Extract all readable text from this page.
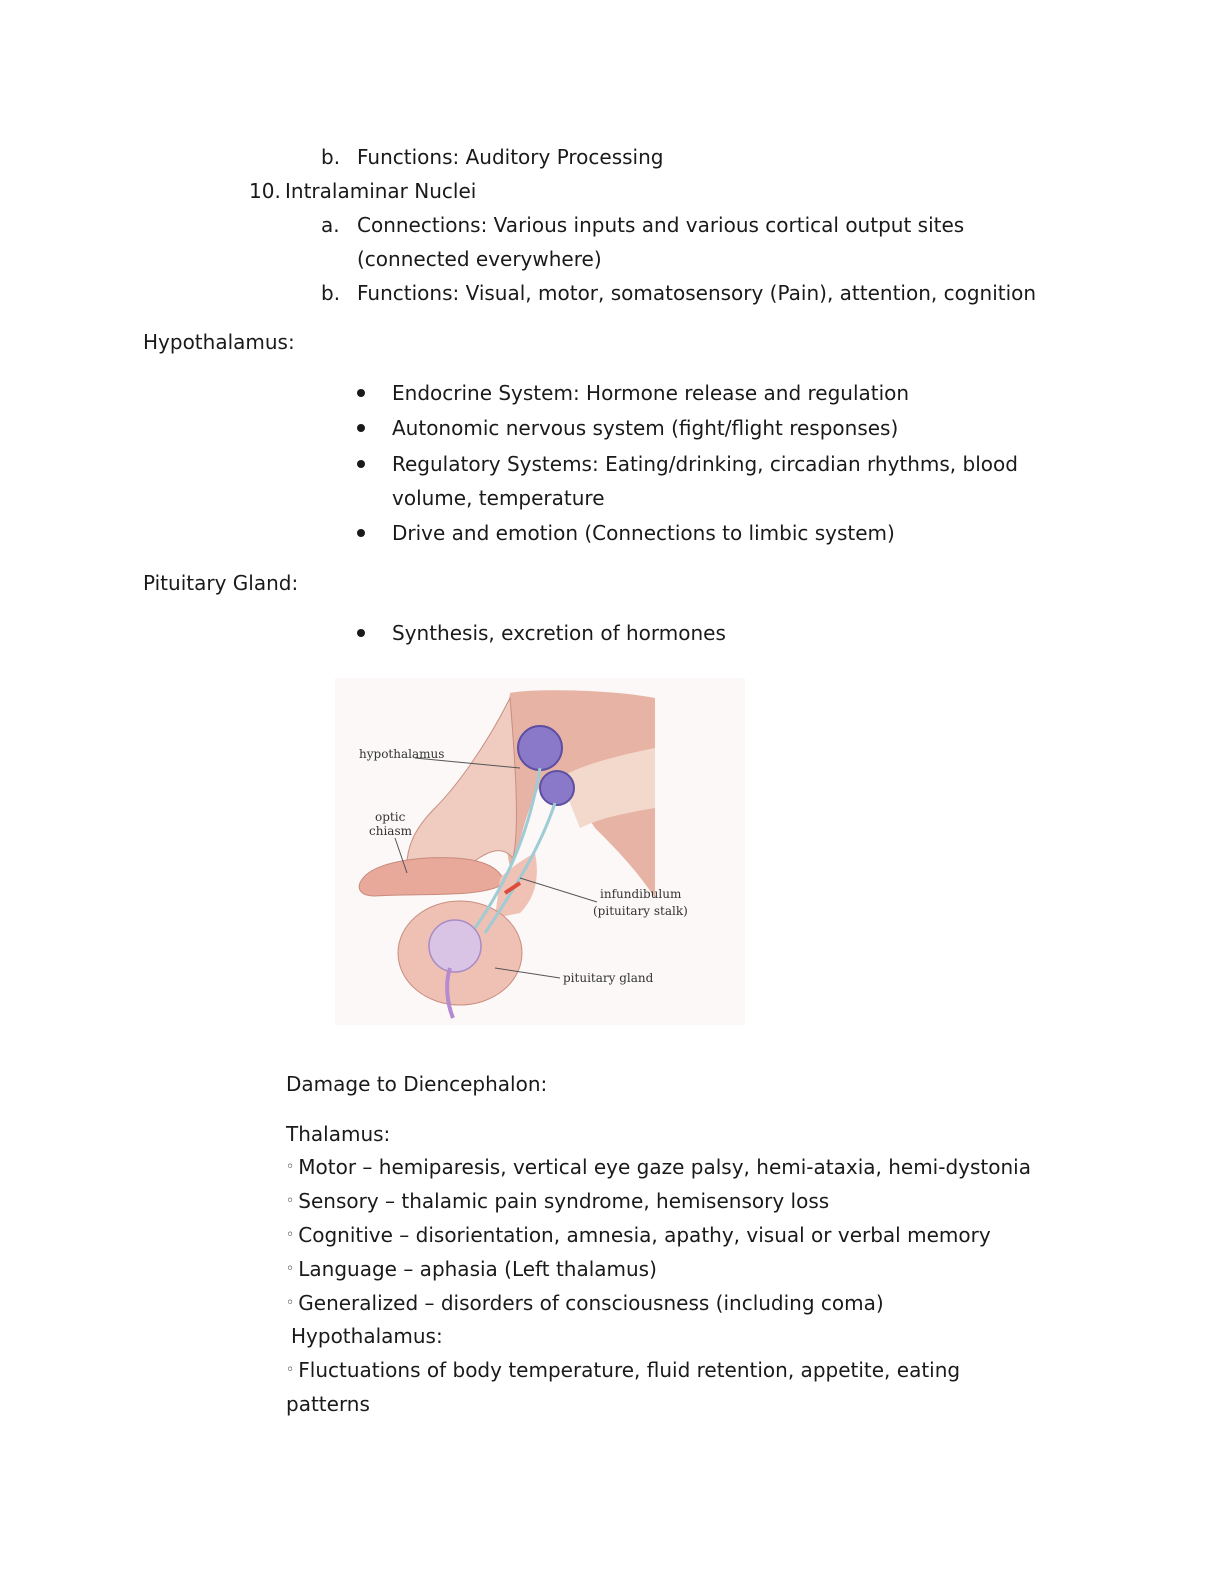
b. Functions: Auditory Processing
10. Intralaminar Nuclei
a. Connections: Various inputs and various cortical output sites
(connected everywhere)
b. Functions: Visual, motor, somatosensory (Pain), attention, cognition
Hypothalamus:
Endocrine System: Hormone release and regulation
Autonomic nervous system (fight/flight responses)
Regulatory Systems: Eating/drinking, circadian rhythms, blood
volume, temperature
Drive and emotion (Connections to limbic system)
Pituitary Gland:
Synthesis, excretion of hormones
hypothalamus
optic
chiasm
infundibulum
(pituitary stalk)
pituitary gland
Damage to Diencephalon:
Thalamus:
◦ Motor – hemiparesis, vertical eye gaze palsy, hemi-ataxia, hemi-dystonia
◦ Sensory – thalamic pain syndrome, hemisensory loss
◦ Cognitive – disorientation, amnesia, apathy, visual or verbal memory
◦ Language – aphasia (Left thalamus)
◦ Generalized – disorders of consciousness (including coma)
Hypothalamus:
◦ Fluctuations of body temperature, fluid retention, appetite, eating
patterns
